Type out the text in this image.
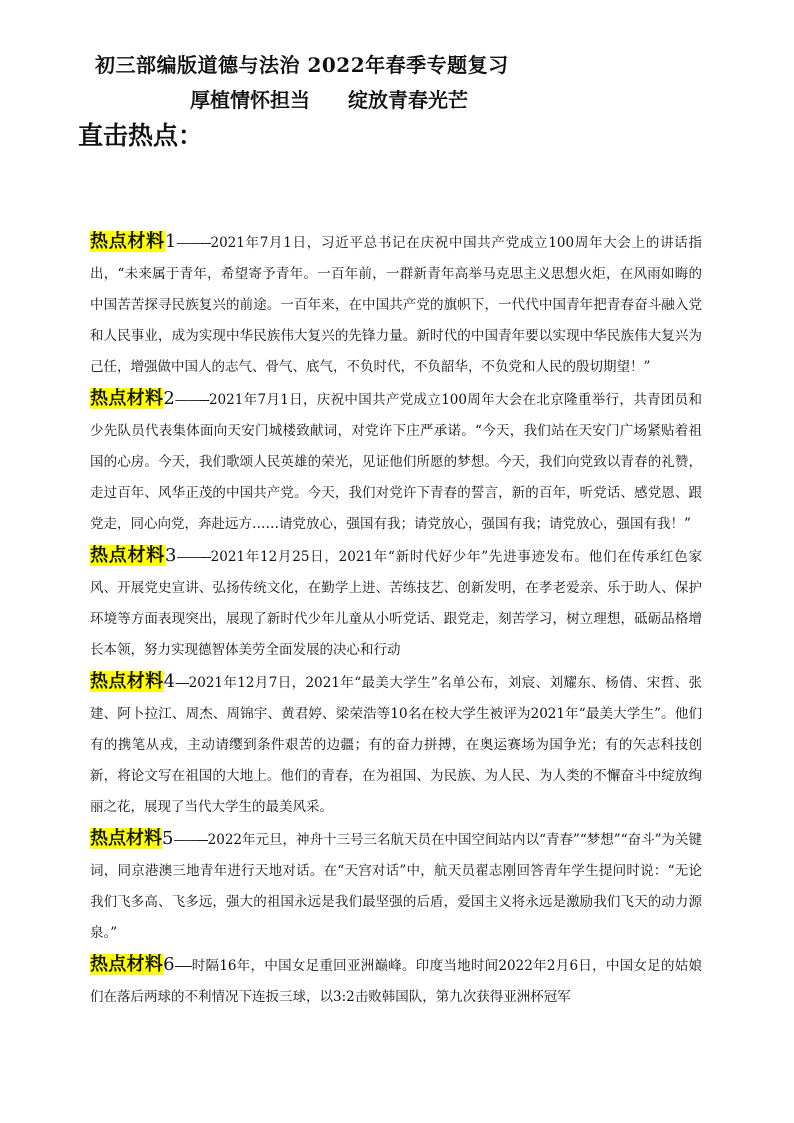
初三部编版道德与法治 2022年春季专题复习
厚植情怀担当 绽放青春光芒
直击热点：

热点材料1——---2021年7月1日，习近平总书记在庆祝中国共产党成立100周年大会上的讲话指出，“未来属于青年，希望寄予青年。一百年前，一群新青年高举马克思主义思想火炬，在风雨如晦的中国苦苦探寻民族复兴的前途。一百年来，在中国共产党的旗帜下，一代代中国青年把青春奋斗融入党和人民事业，成为实现中华民族伟大复兴的先锋力量。新时代的中国青年要以实现中华民族伟大复兴为己任，增强做中国人的志气、骨气、底气，不负时代，不负韶华，不负党和人民的殷切期望！”

热点材料2——---2021年7月1日，庆祝中国共产党成立100周年大会在北京隆重举行，共青团员和少先队员代表集体面向天安门城楼致献词，对党许下庄严承诺。“今天，我们站在天安门广场紧贴着祖国的心房。今天，我们歌颂人民英雄的荣光，见证他们所愿的梦想。今天，我们向党致以青春的礼赞，走过百年、风华正茂的中国共产党。今天，我们对党许下青春的誓言，新的百年，听党话、感党恩、跟党走，同心向党，奔赴远方……请党放心，强国有我；请党放心，强国有我；请党放心，强国有我！”

热点材料3——---2021年12月25日，2021年“新时代好少年”先进事迹发布。他们在传承红色家风、开展党史宣讲、弘扬传统文化，在勤学上进、苦练技艺、创新发明，在孝老爱亲、乐于助人、保护环境等方面表现突出，展现了新时代少年儿童从小听党话、跟党走，刻苦学习，树立理想，砥砺品格增长本领，努力实现德智体美劳全面发展的决心和行动

热点材料4----2021年12月7日，2021年“最美大学生”名单公布，刘宸、刘耀东、杨倩、宋哲、张建、阿卜拉江、周杰、周锦宇、黄君婷、梁荣浩等10名在校大学生被评为2021年“最美大学生”。他们有的携笔从戎，主动请缨到条件艰苦的边疆；有的奋力拼搏，在奥运赛场为国争光；有的矢志科技创新，将论文写在祖国的大地上。他们的青春，在为祖国、为民族、为人民、为人类的不懈奋斗中绽放绚丽之花，展现了当代大学生的最美风采。

热点材料5——---2022年元旦，神舟十三号三名航天员在中国空间站内以“青春”“梦想”“奋斗”为关键词，同京港澳三地青年进行天地对话。在“天宫对话”中，航天员翟志刚回答青年学生提问时说：“无论我们飞多高、飞多远，强大的祖国永远是我们最坚强的后盾，爱国主义将永远是激励我们飞天的动力源泉。”

热点材料6-----时隔16年，中国女足重回亚洲巅峰。印度当地时间2022年2月6日，中国女足的姑娘们在落后两球的不利情况下连扳三球，以3:2击败韩国队，第九次获得亚洲杯冠军
